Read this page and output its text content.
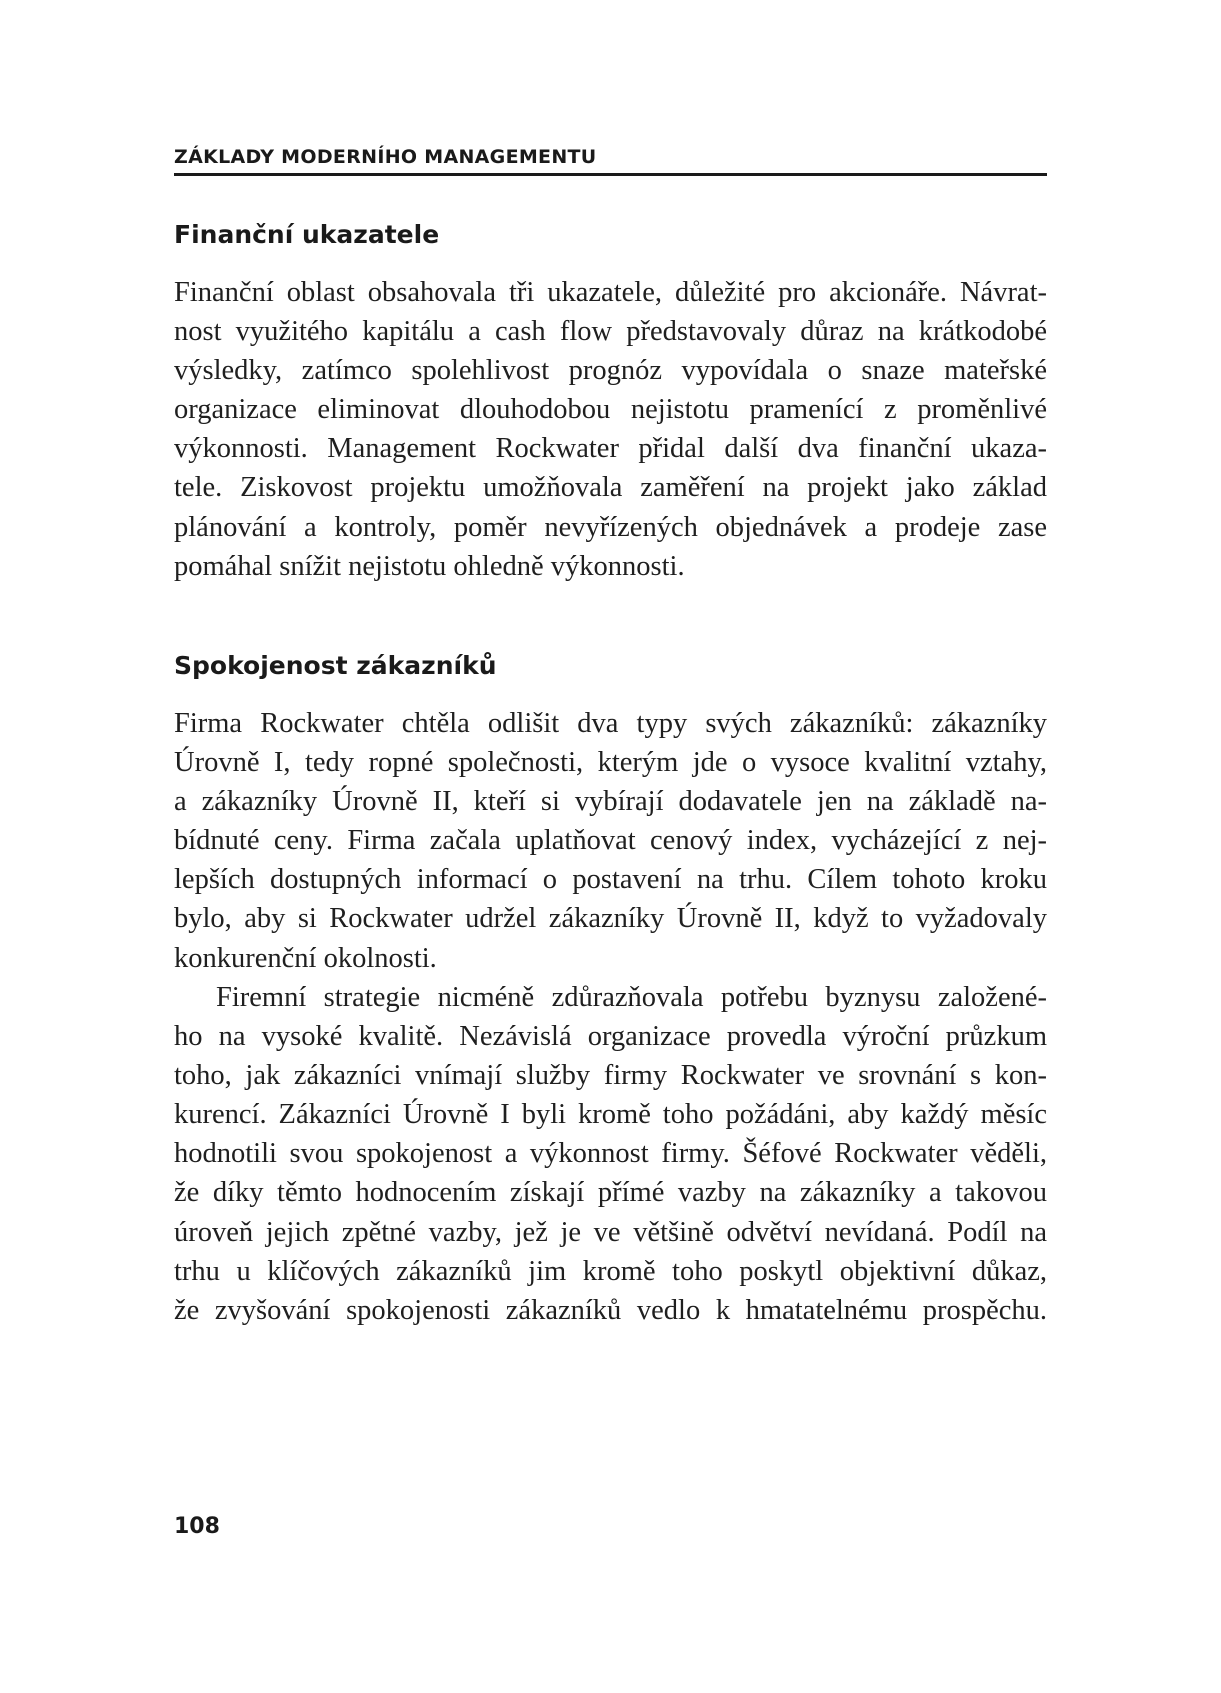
ZÁKLADY MODERNÍHO MANAGEMENTU
Finanční ukazatele

Finanční oblast obsahovala tři ukazatele, důležité pro akcionáře. Návrat-
nost využitého kapitálu a cash flow představovaly důraz na krátkodobé
výsledky, zatímco spolehlivost prognóz vypovídala o snaze mateřské
organizace eliminovat dlouhodobou nejistotu pramenící z proměnlivé
výkonnosti. Management Rockwater přidal další dva finanční ukaza-
tele. Ziskovost projektu umožňovala zaměření na projekt jako základ
plánování a kontroly, poměr nevyřízených objednávek a prodeje zase
pomáhal snížit nejistotu ohledně výkonnosti.

Spokojenost zákazníků

Firma Rockwater chtěla odlišit dva typy svých zákazníků: zákazníky
Úrovně I, tedy ropné společnosti, kterým jde o vysoce kvalitní vztahy,
a zákazníky Úrovně II, kteří si vybírají dodavatele jen na základě na-
bídnuté ceny. Firma začala uplatňovat cenový index, vycházející z nej-
lepších dostupných informací o postavení na trhu. Cílem tohoto kroku
bylo, aby si Rockwater udržel zákazníky Úrovně II, když to vyžadovaly
konkurenční okolnosti.

Firemní strategie nicméně zdůrazňovala potřebu byznysu založené-
ho na vysoké kvalitě. Nezávislá organizace provedla výroční průzkum
toho, jak zákazníci vnímají služby firmy Rockwater ve srovnání s kon-
kurencí. Zákazníci Úrovně I byli kromě toho požádáni, aby každý měsíc
hodnotili svou spokojenost a výkonnost firmy. Šéfové Rockwater věděli,
že díky těmto hodnocením získají přímé vazby na zákazníky a takovou
úroveň jejich zpětné vazby, jež je ve většině odvětví nevídaná. Podíl na
trhu u klíčových zákazníků jim kromě toho poskytl objektivní důkaz,
že zvyšování spokojenosti zákazníků vedlo k hmatatelnému prospěchu.

108
